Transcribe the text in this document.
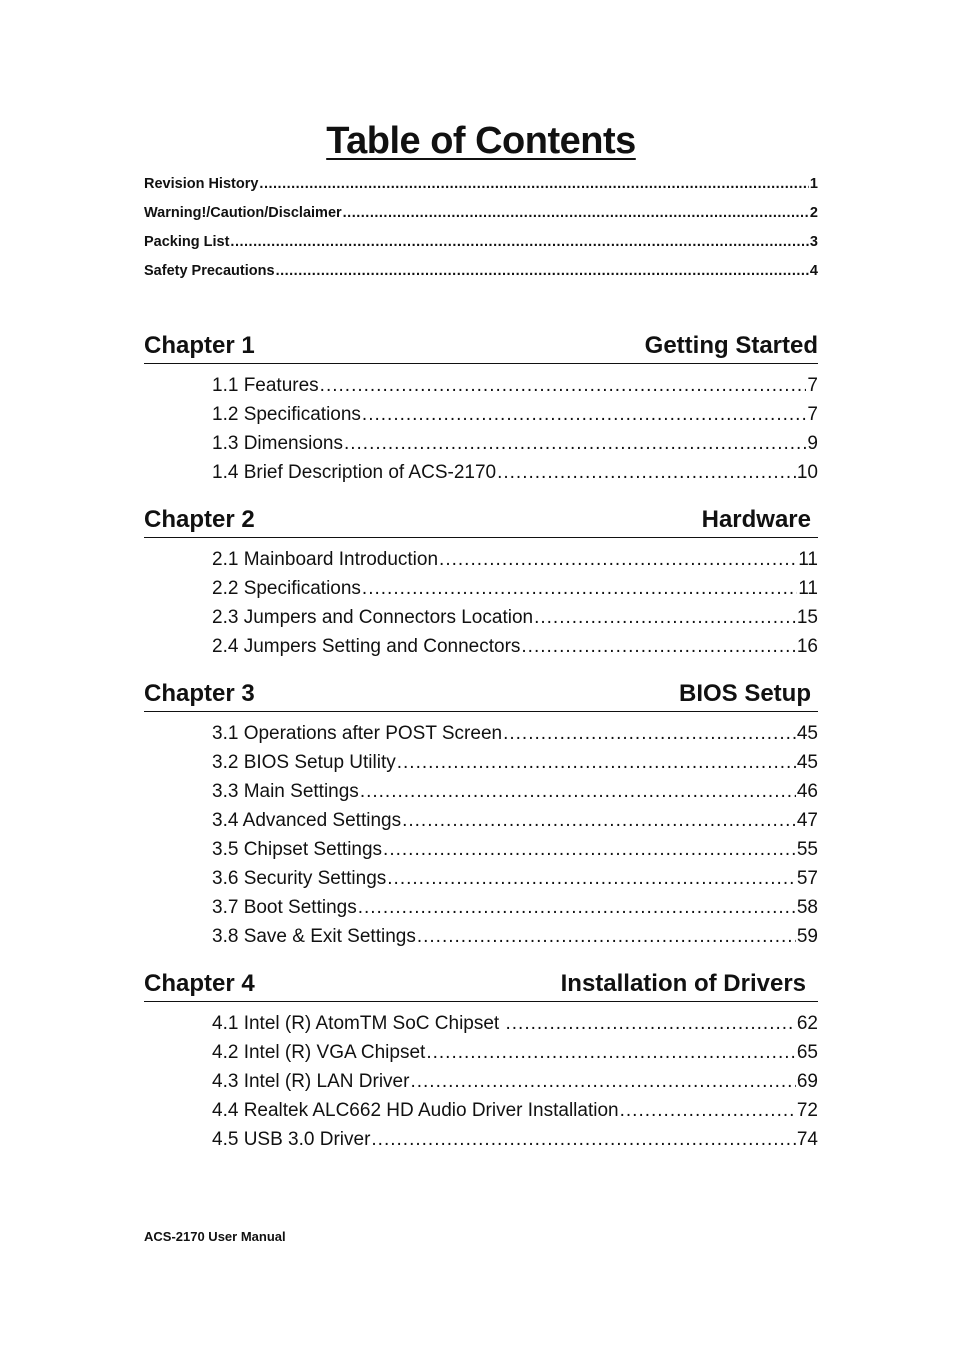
Table of Contents
Revision History .....	1
Warning!/Caution/Disclaimer .....	2
Packing List .....	3
Safety Precautions .....	4
Chapter 1	Getting Started
1.1 Features .....	7
1.2 Specifications .....	7
1.3 Dimensions .....	9
1.4 Brief Description of ACS-2170 .....	10
Chapter 2	Hardware
2.1 Mainboard Introduction .....	11
2.2 Specifications .....	11
2.3 Jumpers and Connectors Location .....	15
2.4 Jumpers Setting and Connectors .....	16
Chapter 3	BIOS Setup
3.1 Operations after POST Screen .....	45
3.2 BIOS Setup Utility .....	45
3.3 Main Settings .....	46
3.4 Advanced Settings .....	47
3.5 Chipset Settings .....	55
3.6 Security Settings .....	57
3.7 Boot Settings .....	58
3.8 Save & Exit Settings .....	59
Chapter 4	Installation of Drivers
4.1 Intel (R) AtomTM SoC Chipset .....	62
4.2 Intel (R) VGA Chipset .....	65
4.3 Intel (R) LAN Driver .....	69
4.4 Realtek ALC662 HD Audio Driver Installation .....	72
4.5 USB 3.0 Driver .....	74
ACS-2170 User Manual
